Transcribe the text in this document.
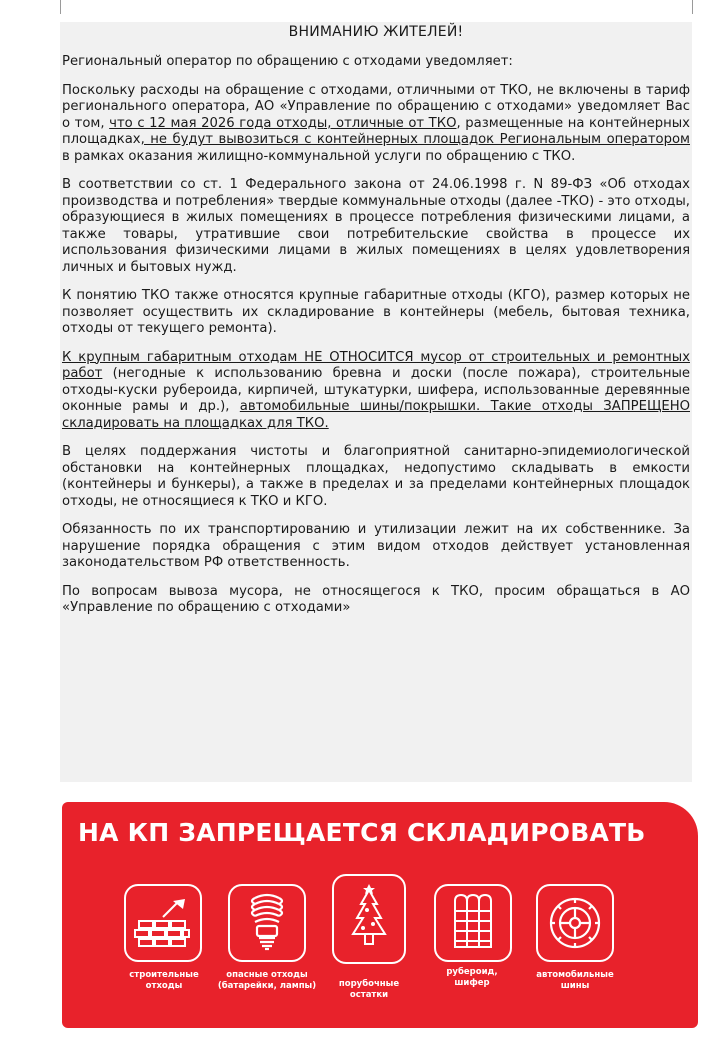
ВНИМАНИЮ ЖИТЕЛЕЙ!

Региональный оператор по обращению с отходами уведомляет:

Поскольку расходы на обращение с отходами, отличными от ТКО, не включены в тариф регионального оператора, АО «Управление по обращению с отходами» уведомляет Вас о том, что с 12 мая 2026 года отходы, отличные от ТКО, размещенные на контейнерных площадках, не будут вывозиться с контейнерных площадок Региональным оператором в рамках оказания жилищно-коммунальной услуги по обращению с ТКО.

В соответствии со ст. 1 Федерального закона от 24.06.1998 г. N 89-ФЗ «Об отходах производства и потребления» твердые коммунальные отходы (далее -ТКО) - это отходы, образующиеся в жилых помещениях в процессе потребления физическими лицами, а также товары, утратившие свои потребительские свойства в процессе их использования физическими лицами в жилых помещениях в целях удовлетворения личных и бытовых нужд.

К понятию ТКО также относятся крупные габаритные отходы (КГО), размер которых не позволяет осуществить их складирование в контейнеры (мебель, бытовая техника, отходы от текущего ремонта).

К крупным габаритным отходам НЕ ОТНОСИТСЯ мусор от строительных и ремонтных работ (негодные к использованию бревна и доски (после пожара), строительные отходы-куски рубероида, кирпичей, штукатурки, шифера, использованные деревянные оконные рамы и др.), автомобильные шины/покрышки. Такие отходы ЗАПРЕЩЕНО складировать на площадках для ТКО.

В целях поддержания чистоты и благоприятной санитарно-эпидемиологической обстановки на контейнерных площадках, недопустимо складывать в емкости (контейнеры и бункеры), а также в пределах и за пределами контейнерных площадок отходы, не относящиеся к ТКО и КГО.

Обязанность по их транспортированию и утилизации лежит на их собственнике. За нарушение порядка обращения с этим видом отходов действует установленная законодательством РФ ответственность.

По вопросам вывоза мусора, не относящегося к ТКО, просим обращаться в АО «Управление по обращению с отходами»

НА КП ЗАПРЕЩАЕТСЯ СКЛАДИРОВАТЬ
строительные
отходы
опасные отходы
(батарейки, лампы)	порубочные
остатки
рубероид,
шифер
автомобильные
шины
